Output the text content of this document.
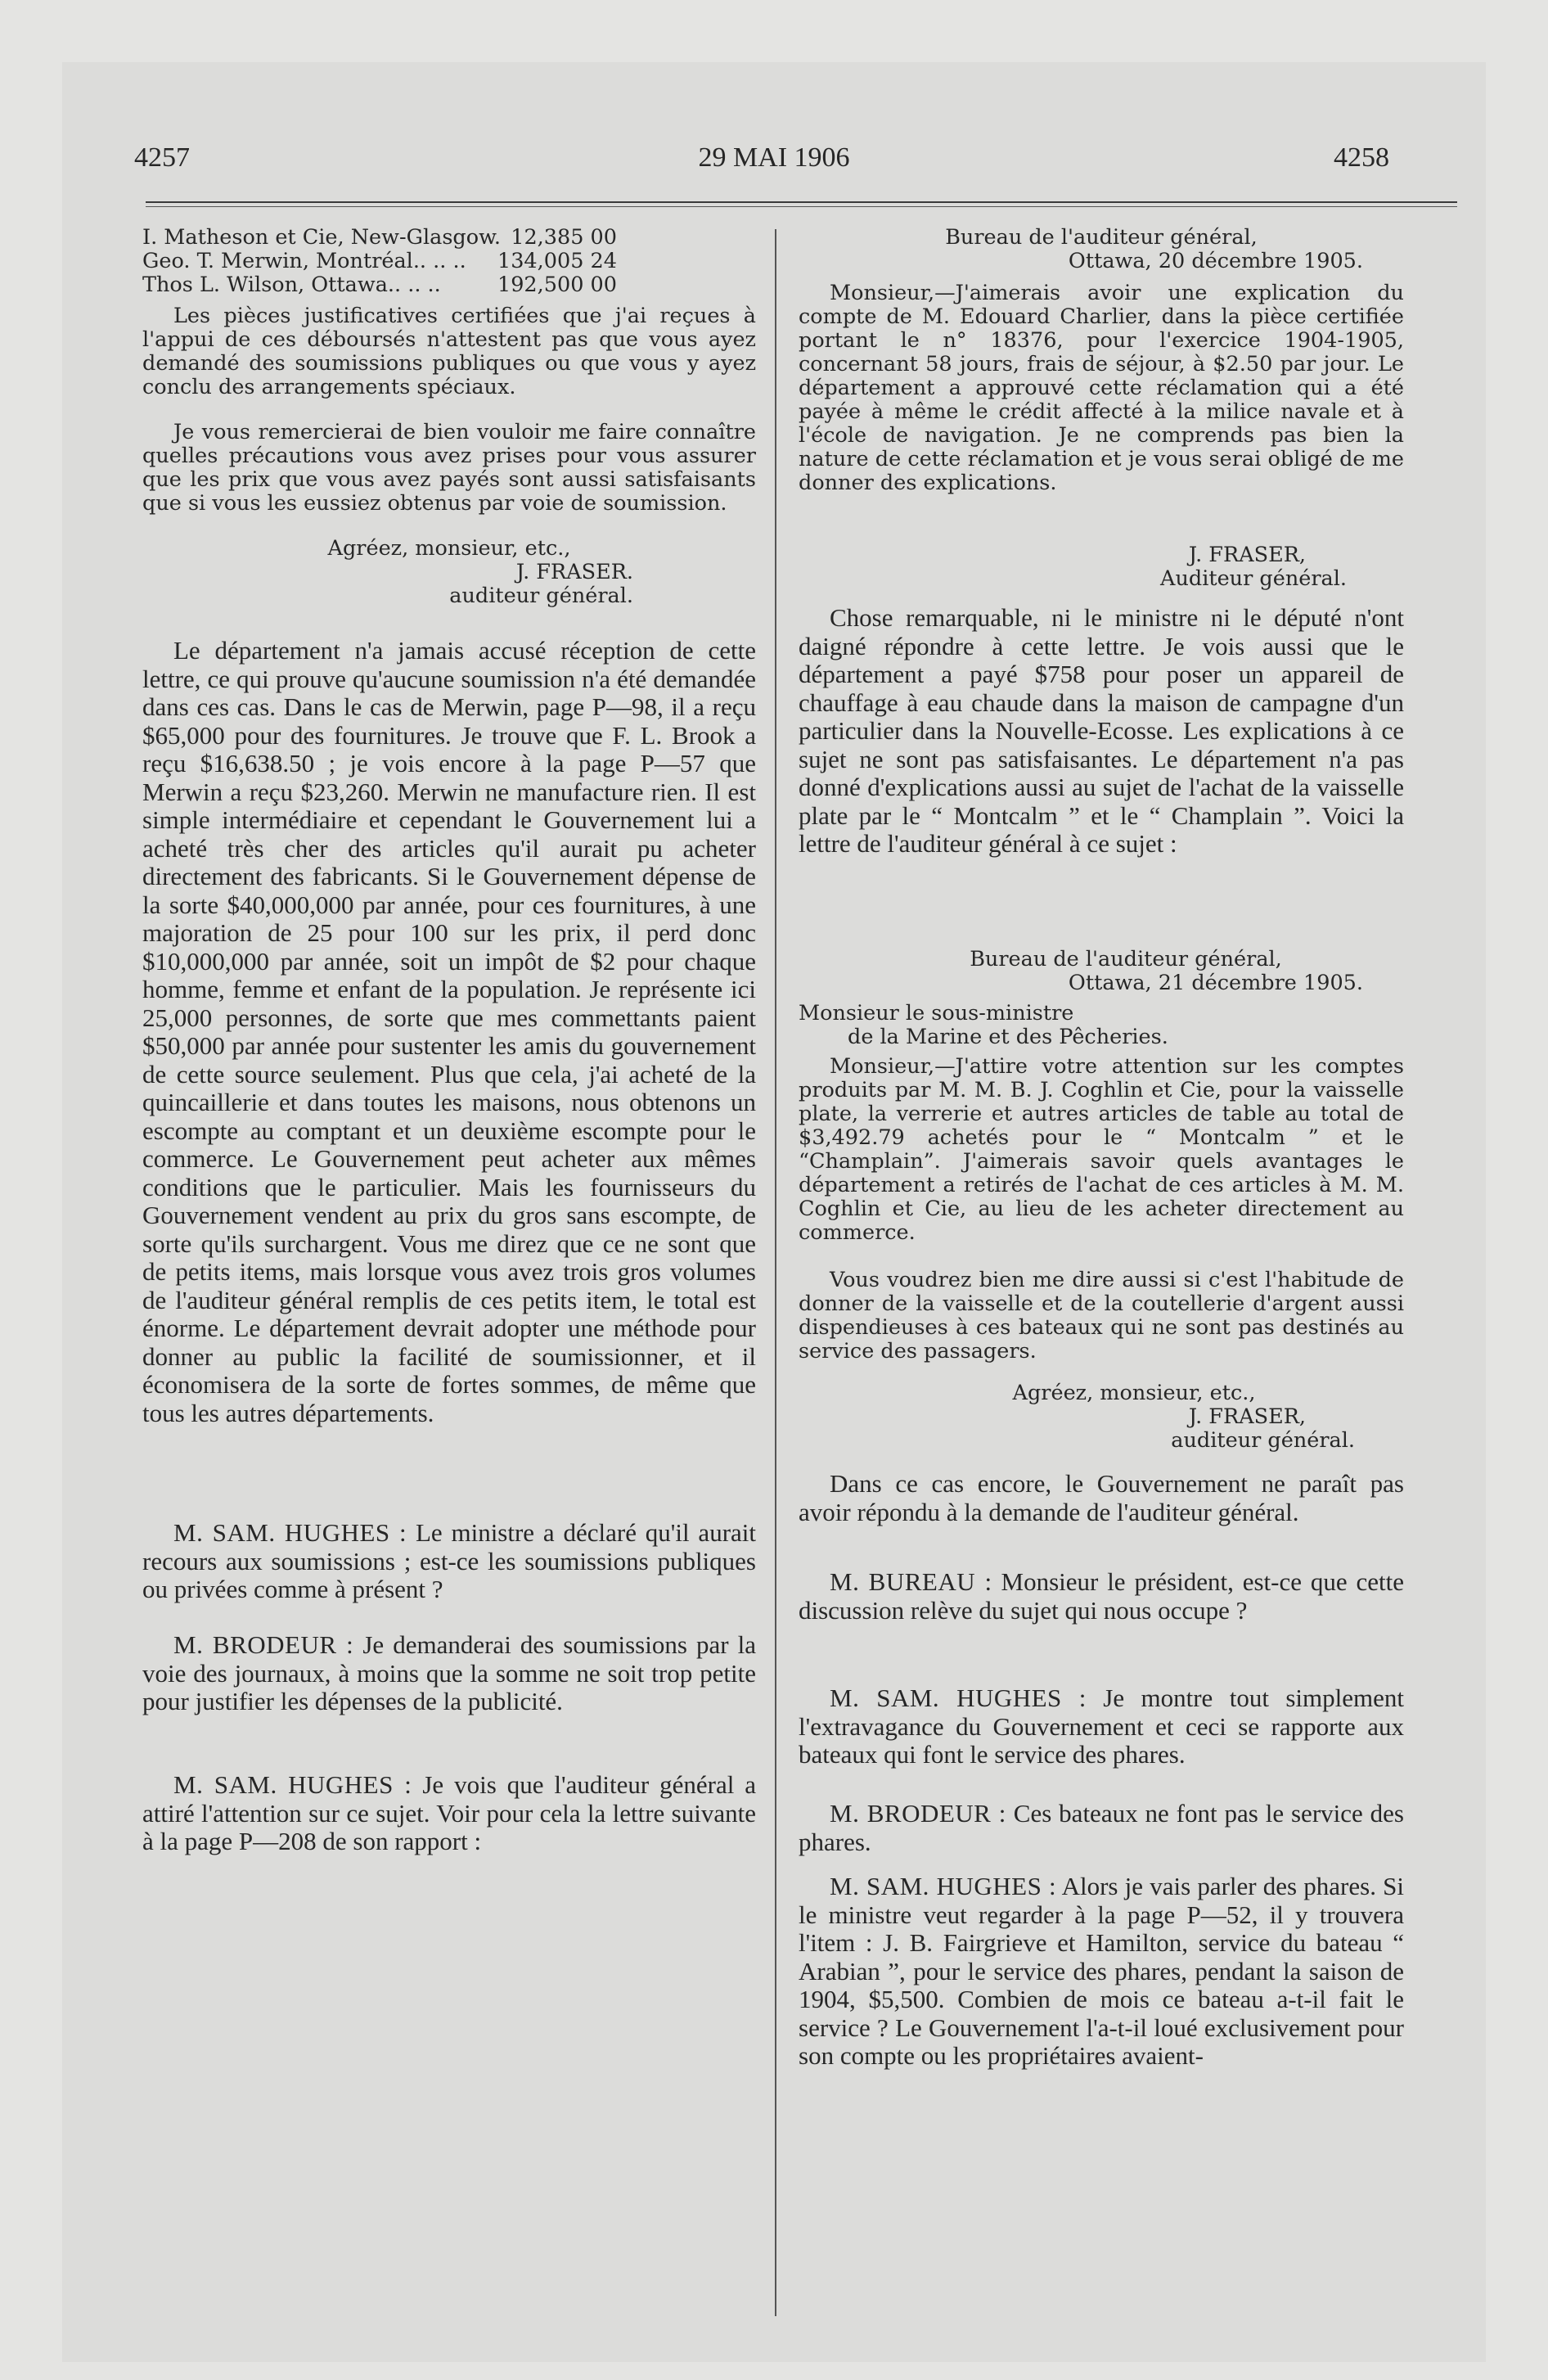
4257	29 MAI 1906	4258
I. Matheson et Cie, New-Glasgow. 12,385 00
Geo. T. Merwin, Montréal.. .. .. 134,005 24
Thos L. Wilson, Ottawa.. .. ..	192,500 00

Les pièces justificatives certifiées que j'ai reçues à l'appui de ces déboursés n'attestent pas que vous ayez demandé des soumissions publiques ou que vous y ayez conclu des arrangements spéciaux.

Je vous remercierai de bien vouloir me faire connaître quelles précautions vous avez prises pour vous assurer que les prix que vous avez payés sont aussi satisfaisants que si vous les eussiez obtenus par voie de soumission.

Agréez, monsieur, etc.,

J. FRASER.

auditeur général.

Le département n'a jamais accusé réception de cette lettre, ce qui prouve qu'aucune soumission n'a été demandée dans ces cas. Dans le cas de Merwin, page P—98, il a reçu $65,000 pour des fournitures. Je trouve que F. L. Brook a reçu $16,638.50 ; je vois encore à la page P—57 que Merwin a reçu $23,260. Merwin ne manufacture rien. Il est simple intermédiaire et cependant le Gouvernement lui a acheté très cher des articles qu'il aurait pu acheter directement des fabricants. Si le Gouvernement dépense de la sorte $40,000,000 par année, pour ces fournitures, à une majoration de 25 pour 100 sur les prix, il perd donc $10,000,000 par année, soit un impôt de $2 pour chaque homme, femme et enfant de la population. Je représente ici 25,000 personnes, de sorte que mes commettants paient $50,000 par année pour sustenter les amis du gouvernement de cette source seulement. Plus que cela, j'ai acheté de la quincaillerie et dans toutes les maisons, nous obtenons un escompte au comptant et un deuxième escompte pour le commerce. Le Gouvernement peut acheter aux mêmes conditions que le particulier. Mais les fournisseurs du Gouvernement vendent au prix du gros sans escompte, de sorte qu'ils surchargent. Vous me direz que ce ne sont que de petits items, mais lorsque vous avez trois gros volumes de l'auditeur général remplis de ces petits item, le total est énorme. Le département devrait adopter une méthode pour donner au public la facilité de soumissionner, et il économisera de la sorte de fortes sommes, de même que tous les autres départements.

M. SAM. HUGHES : Le ministre a déclaré qu'il aurait recours aux soumissions ; est-ce les soumissions publiques ou privées comme à présent ?

M. BRODEUR : Je demanderai des soumissions par la voie des journaux, à moins que la somme ne soit trop petite pour justifier les dépenses de la publicité.

M. SAM. HUGHES : Je vois que l'auditeur général a attiré l'attention sur ce sujet. Voir pour cela la lettre suivante à la page P—208 de son rapport :

Bureau de l'auditeur général,

Ottawa, 20 décembre 1905.

Monsieur,—J'aimerais avoir une explication du compte de M. Edouard Charlier, dans la pièce certifiée portant le n° 18376, pour l'exercice 1904-1905, concernant 58 jours, frais de séjour, à $2.50 par jour. Le département a approuvé cette réclamation qui a été payée à même le crédit affecté à la milice navale et à l'école de navigation. Je ne comprends pas bien la nature de cette réclamation et je vous serai obligé de me donner des explications.

J. FRASER,

Auditeur général.

Chose remarquable, ni le ministre ni le député n'ont daigné répondre à cette lettre. Je vois aussi que le département a payé $758 pour poser un appareil de chauffage à eau chaude dans la maison de campagne d'un particulier dans la Nouvelle-Ecosse. Les explications à ce sujet ne sont pas satisfaisantes. Le département n'a pas donné d'explications aussi au sujet de l'achat de la vaisselle plate par le “ Montcalm ” et le “ Champlain ”. Voici la lettre de l'auditeur général à ce sujet :

Bureau de l'auditeur général,

Ottawa, 21 décembre 1905.

Monsieur le sous-ministre

de la Marine et des Pêcheries.

Monsieur,—J'attire votre attention sur les comptes produits par M. M. B. J. Coghlin et Cie, pour la vaisselle plate, la verrerie et autres articles de table au total de $3,492.79 achetés pour le “ Montcalm ” et le “Champlain”. J'aimerais savoir quels avantages le département a retirés de l'achat de ces articles à M. M. Coghlin et Cie, au lieu de les acheter directement au commerce.

Vous voudrez bien me dire aussi si c'est l'habitude de donner de la vaisselle et de la coutellerie d'argent aussi dispendieuses à ces bateaux qui ne sont pas destinés au service des passagers.

Agréez, monsieur, etc.,

J. FRASER,

auditeur général.

Dans ce cas encore, le Gouvernement ne paraît pas avoir répondu à la demande de l'auditeur général.

M. BUREAU : Monsieur le président, est-ce que cette discussion relève du sujet qui nous occupe ?

M. SAM. HUGHES : Je montre tout simplement l'extravagance du Gouvernement et ceci se rapporte aux bateaux qui font le service des phares.

M. BRODEUR : Ces bateaux ne font pas le service des phares.

M. SAM. HUGHES : Alors je vais parler des phares. Si le ministre veut regarder à la page P—52, il y trouvera l'item : J. B. Fairgrieve et Hamilton, service du bateau “ Arabian ”, pour le service des phares, pendant la saison de 1904, $5,500. Combien de mois ce bateau a-t-il fait le service ? Le Gouvernement l'a-t-il loué exclusivement pour son compte ou les propriétaires avaient-
